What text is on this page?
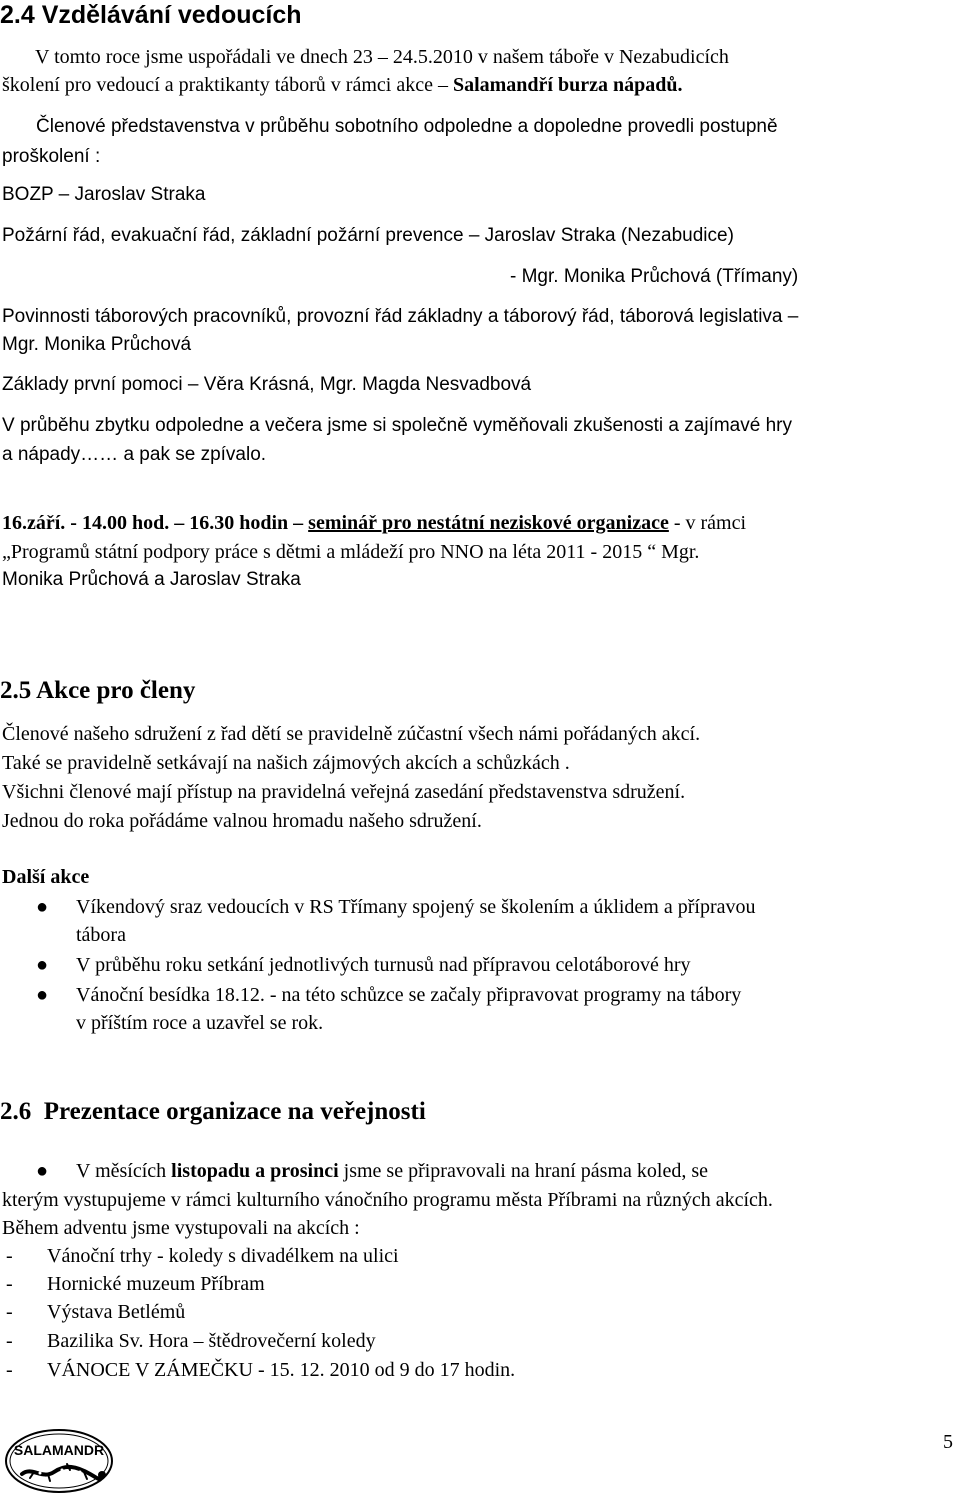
2.4 Vzdělávání vedoucích
V tomto roce jsme uspořádali ve dnech 23 – 24.5.2010 v našem táboře v Nezabudicích
školení pro vedoucí a praktikanty táborů v rámci akce – Salamandří burza nápadů.
Členové představenstva v průběhu sobotního odpoledne a dopoledne provedli postupně
proškolení :
BOZP – Jaroslav Straka
Požární řád, evakuační řád, základní požární prevence – Jaroslav Straka (Nezabudice)
- Mgr. Monika Průchová (Třímany)
Povinnosti táborových pracovníků, provozní řád základny a táborový řád, táborová legislativa –
Mgr. Monika Průchová
Základy první pomoci – Věra Krásná, Mgr. Magda Nesvadbová
V průběhu zbytku odpoledne a večera jsme si společně vyměňovali zkušenosti a zajímavé hry
a nápady…… a pak se zpívalo.
16.září. - 14.00 hod. – 16.30 hodin – seminář pro nestátní neziskové organizace - v rámci
„Programů státní podpory práce s dětmi a mládeží pro NNO na léta 2011 - 2015 “ Mgr.
Monika Průchová a Jaroslav Straka
2.5 Akce pro členy
Členové našeho sdružení z řad dětí se pravidelně zúčastní všech námi pořádaných akcí.
Také se pravidelně setkávají na našich zájmových akcích a schůzkách .
Všichni členové mají přístup na pravidelná veřejná zasedání představenstva sdružení.
Jednou do roka pořádáme valnou hromadu našeho sdružení.
Další akce
● Víkendový sraz vedoucích v RS Třímany spojený se školením a úklidem a přípravou
tábora
● V průběhu roku setkání jednotlivých turnusů nad přípravou celotáborové hry
● Vánoční besídka 18.12. - na této schůzce se začaly připravovat programy na tábory
v příštím roce a uzavřel se rok.
2.6 Prezentace organizace na veřejnosti
● V měsících listopadu a prosinci jsme se připravovali na hraní pásma koled, se
kterým vystupujeme v rámci kulturního vánočního programu města Příbrami na různých akcích.
Během adventu jsme vystupovali na akcích :
- Vánoční trhy - koledy s divadélkem na ulici
- Hornické muzeum Příbram
- Výstava Betlémů
- Bazilika Sv. Hora – štědrovečerní koledy
- VÁNOCE V ZÁMEČKU - 15. 12. 2010 od 9 do 17 hodin.
SALAMANDR	5
